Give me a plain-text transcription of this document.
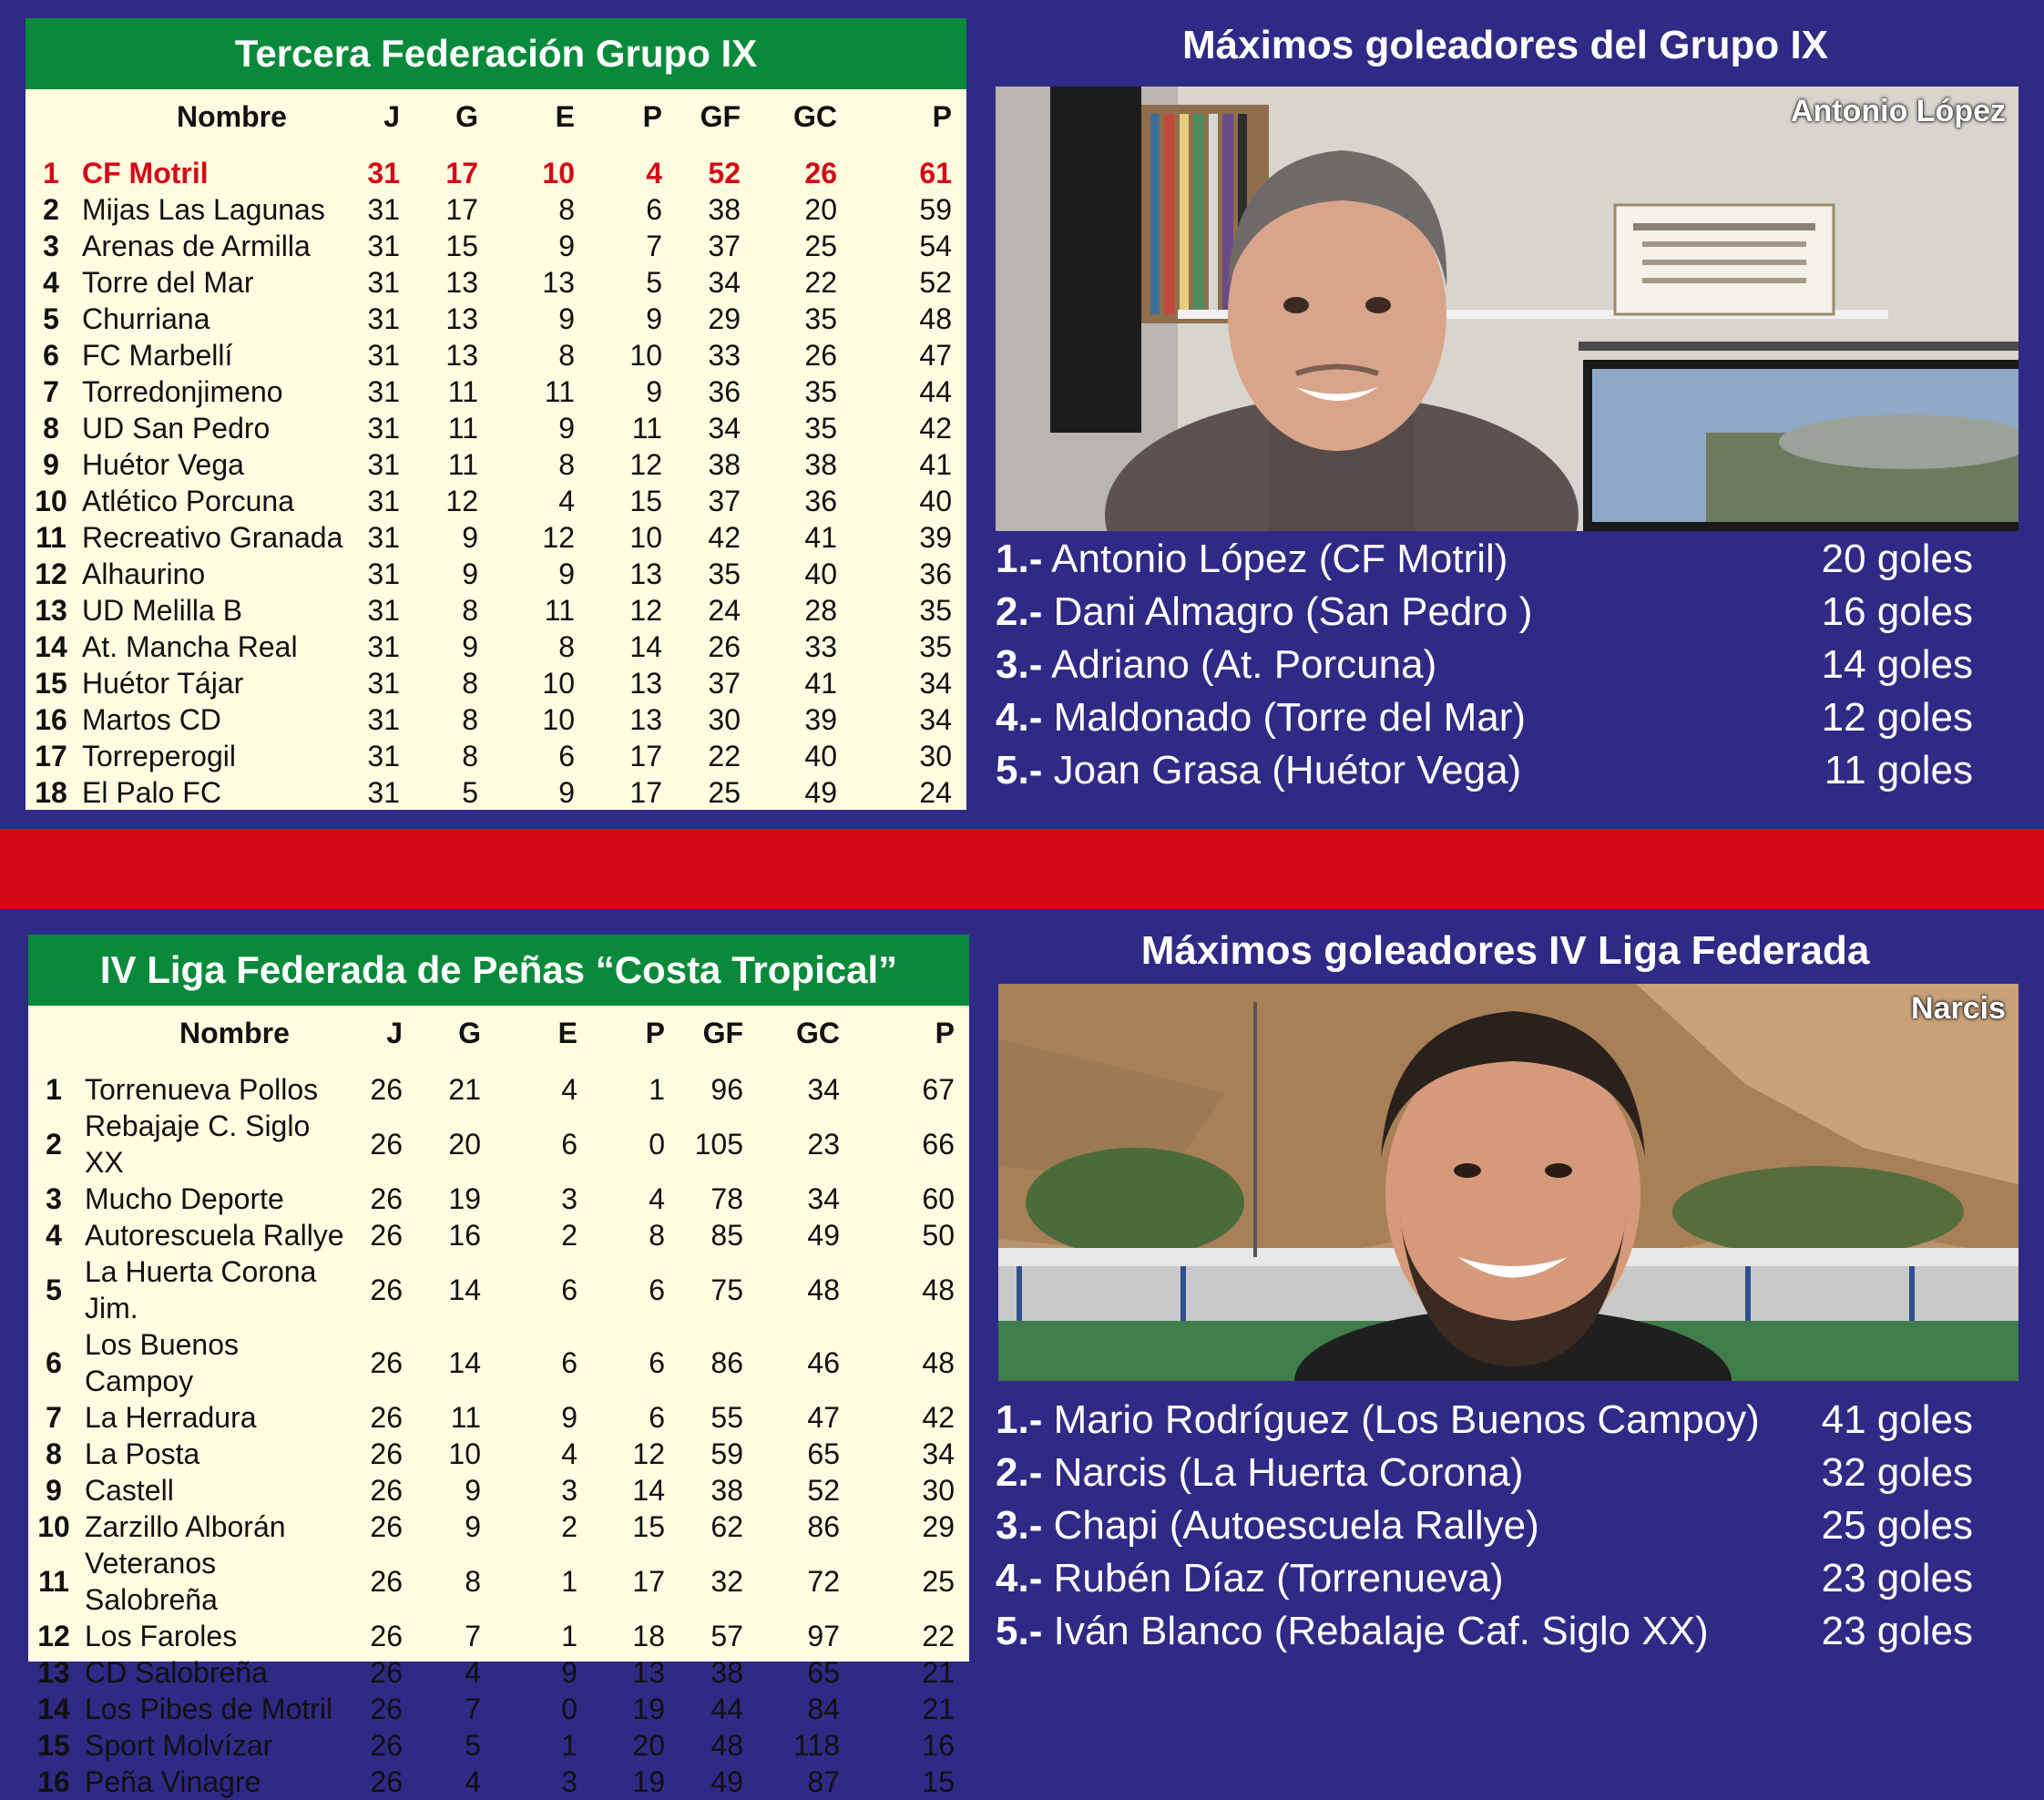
Tercera Federación Grupo IX
	Nombre	J	G	E	P	GF	GC	P

1	CF Motril	31	17	10	4	52	26	61
2	Mijas Las Lagunas	31	17	8	6	38	20	59
3	Arenas de Armilla	31	15	9	7	37	25	54
4	Torre del Mar	31	13	13	5	34	22	52
5	Churriana	31	13	9	9	29	35	48
6	FC Marbellí	31	13	8	10	33	26	47
7	Torredonjimeno	31	11	11	9	36	35	44
8	UD San Pedro	31	11	9	11	34	35	42
9	Huétor Vega	31	11	8	12	38	38	41
10	Atlético Porcuna	31	12	4	15	37	36	40
11	Recreativo Granada	31	9	12	10	42	41	39
12	Alhaurino	31	9	9	13	35	40	36
13	UD Melilla B	31	8	11	12	24	28	35
14	At. Mancha Real	31	9	8	14	26	33	35
15	Huétor Tájar	31	8	10	13	37	41	34
16	Martos CD	31	8	10	13	30	39	34
17	Torreperogil	31	8	6	17	22	40	30
18	El Palo FC	31	5	9	17	25	49	24
Máximos goleadores del Grupo IX
Antonio López
1.- Antonio López (CF Motril)	20 goles
2.- Dani Almagro (San Pedro )	16 goles
3.- Adriano (At. Porcuna)	14 goles
4.- Maldonado (Torre del Mar)	12 goles
5.- Joan Grasa (Huétor Vega)	11 goles
IV Liga Federada de Peñas “Costa Tropical”
	Nombre	J	G	E	P	GF	GC	P

1	Torrenueva Pollos	26	21	4	1	96	34	67
2	Rebajaje C. Siglo XX	26	20	6	0	105	23	66
3	Mucho Deporte	26	19	3	4	78	34	60
4	Autorescuela Rallye	26	16	2	8	85	49	50
5	La Huerta Corona Jim.	26	14	6	6	75	48	48
6	Los Buenos Campoy	26	14	6	6	86	46	48
7	La Herradura	26	11	9	6	55	47	42
8	La Posta	26	10	4	12	59	65	34
9	Castell	26	9	3	14	38	52	30
10	Zarzillo Alborán	26	9	2	15	62	86	29
11	Veteranos Salobreña	26	8	1	17	32	72	25
12	Los Faroles	26	7	1	18	57	97	22
13	CD Salobreña	26	4	9	13	38	65	21
14	Los Pibes de Motril	26	7	0	19	44	84	21
15	Sport Molvízar	26	5	1	20	48	118	16
16	Peña Vinagre	26	4	3	19	49	87	15
Máximos goleadores IV Liga Federada
Narcis
1.- Mario Rodríguez (Los Buenos Campoy) 41 goles
2.- Narcis (La Huerta Corona)	32 goles
3.- Chapi (Autoescuela Rallye)	25 goles
4.- Rubén Díaz (Torrenueva)	23 goles
5.- Iván Blanco (Rebalaje Caf. Siglo XX)	23 goles
